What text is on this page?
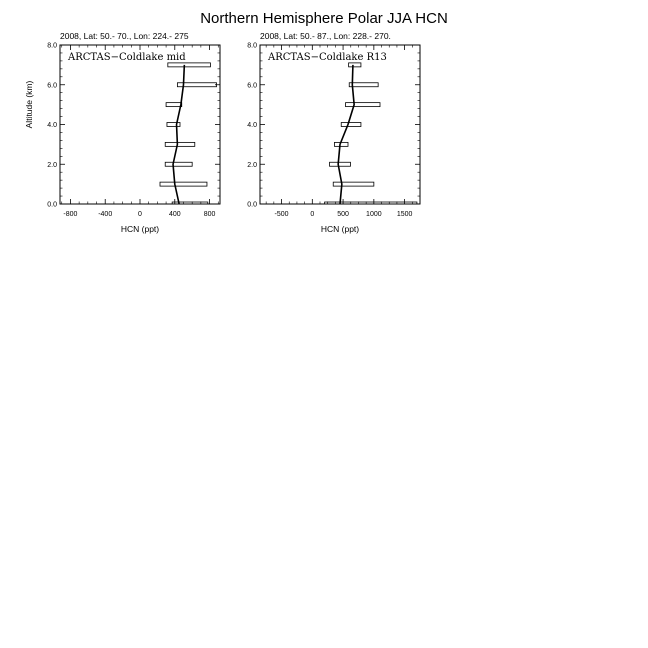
Northern Hemisphere Polar JJA HCN
2008, Lat: 50.- 70., Lon: 224.- 275
-800	-400	0	400	800
0.0
2.0
4.0
6.0
8.0
ARCTAS−Coldlake mid
HCN (ppt)
Altitude (km)
2008, Lat: 50.- 87., Lon: 228.- 270.
-500	0	500 1000 1500
0.0
2.0
4.0
6.0
8.0
ARCTAS−Coldlake R13
HCN (ppt)
